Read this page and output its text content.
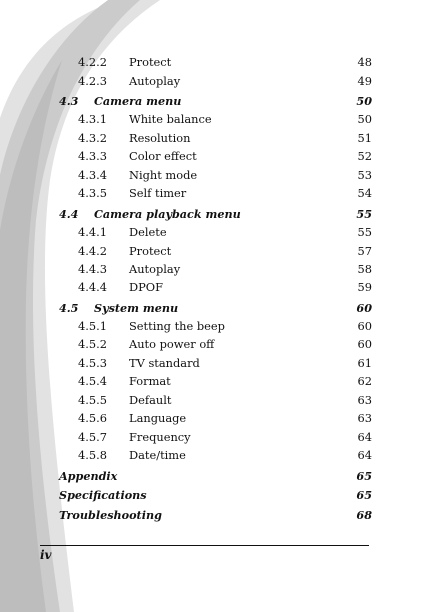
4.2.2 Protect	48
4.2.3 Autoplay	49
4.3 Camera menu	50
4.3.1 White balance	50
4.3.2 Resolution	51
4.3.3 Color effect	52
4.3.4 Night mode	53
4.3.5 Self timer	54
4.4 Camera playback menu	55
4.4.1 Delete	55
4.4.2 Protect	57
4.4.3 Autoplay	58
4.4.4 DPOF	59
4.5 System menu	60
4.5.1 Setting the beep	60
4.5.2 Auto power off	60
4.5.3 TV standard	61
4.5.4 Format	62
4.5.5 Default	63
4.5.6 Language	63
4.5.7 Frequency	64
4.5.8 Date/time	64
Appendix	65
Specifications	65
Troubleshooting	68
iv
